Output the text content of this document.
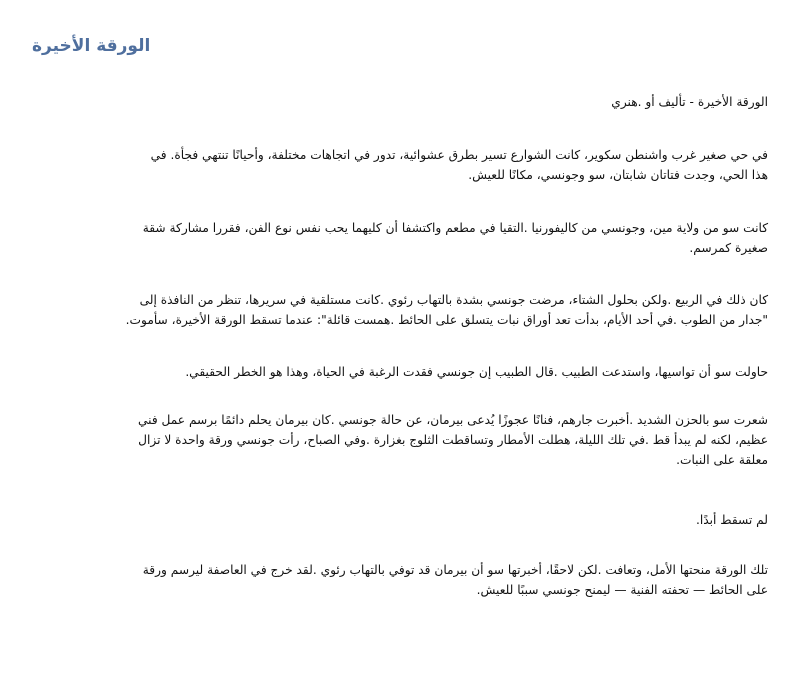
الورقة الأخيرة

الورقة الأخيرة - تأليف أو .هنري

في حي صغير غرب واشنطن سكوير، كانت الشوارع تسير بطرق عشوائية، تدور في اتجاهات مختلفة، وأحيانًا تنتهي فجأة. في
هذا الحي، وجدت فتاتان شابتان، سو وجونسي، مكانًا للعيش.

كانت سو من ولاية مين، وجونسي من كاليفورنيا .التقيا في مطعم واكتشفا أن كليهما يحب نفس نوع الفن، فقررا مشاركة شقة
صغيرة كمرسم.

كان ذلك في الربيع .ولكن بحلول الشتاء، مرضت جونسي بشدة بالتهاب رئوي .كانت مستلقية في سريرها، تنظر من النافذة إلى
"جدار من الطوب .في أحد الأيام، بدأت تعد أوراق نبات يتسلق على الحائط .همست قائلة": عندما تسقط الورقة الأخيرة، سأموت.

حاولت سو أن تواسيها، واستدعت الطبيب .قال الطبيب إن جونسي فقدت الرغبة في الحياة، وهذا هو الخطر الحقيقي.

شعرت سو بالحزن الشديد .أخبرت جارهم، فنانًا عجوزًا يُدعى بيرمان، عن حالة جونسي .كان بيرمان يحلم دائمًا برسم عمل فني
عظيم، لكنه لم يبدأ قط .في تلك الليلة، هطلت الأمطار وتساقطت الثلوج بغزارة .وفي الصباح، رأت جونسي ورقة واحدة لا تزال
معلقة على النبات.

لم تسقط أبدًا.

تلك الورقة منحتها الأمل، وتعافت .لكن لاحقًا، أخبرتها سو أن بيرمان قد توفي بالتهاب رئوي .لقد خرج في العاصفة ليرسم ورقة
على الحائط — تحفته الفنية — ليمنح جونسي سببًا للعيش.
